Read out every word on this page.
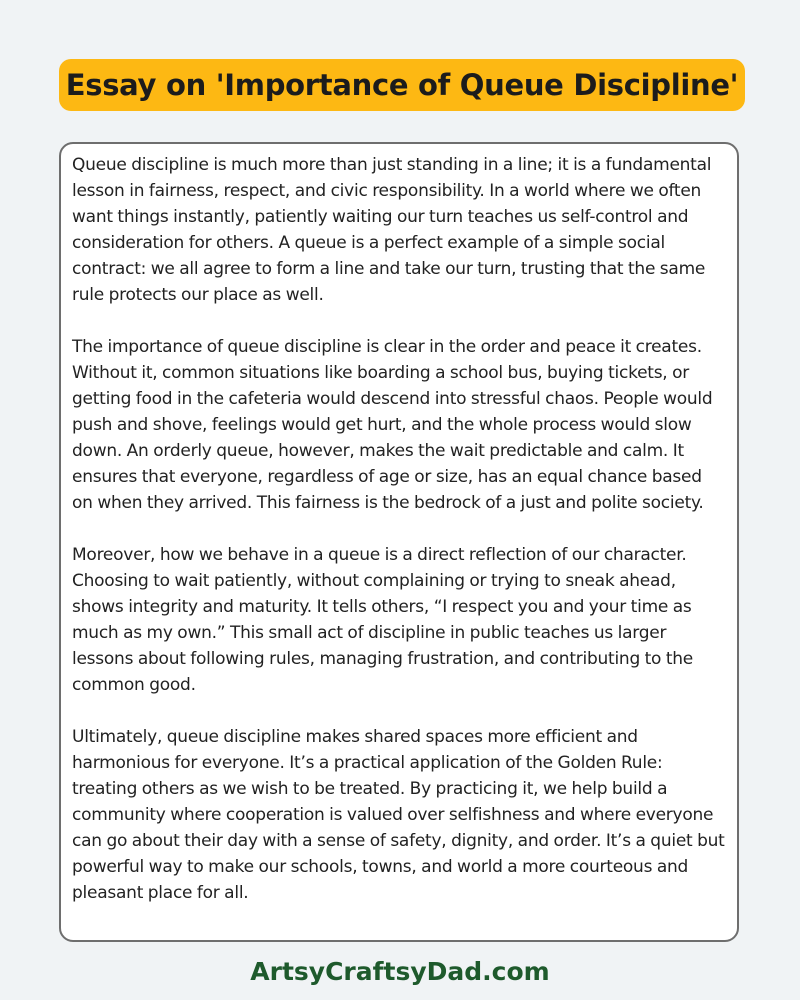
Essay on 'Importance of Queue Discipline'

Queue discipline is much more than just standing in a line; it is a fundamental lesson in fairness, respect, and civic responsibility. In a world where we often want things instantly, patiently waiting our turn teaches us self-control and consideration for others. A queue is a perfect example of a simple social contract: we all agree to form a line and take our turn, trusting that the same rule protects our place as well.

The importance of queue discipline is clear in the order and peace it creates. Without it, common situations like boarding a school bus, buying tickets, or getting food in the cafeteria would descend into stressful chaos. People would push and shove, feelings would get hurt, and the whole process would slow down. An orderly queue, however, makes the wait predictable and calm. It ensures that everyone, regardless of age or size, has an equal chance based on when they arrived. This fairness is the bedrock of a just and polite society.

Moreover, how we behave in a queue is a direct reflection of our character. Choosing to wait patiently, without complaining or trying to sneak ahead, shows integrity and maturity. It tells others, “I respect you and your time as much as my own.” This small act of discipline in public teaches us larger lessons about following rules, managing frustration, and contributing to the common good.

Ultimately, queue discipline makes shared spaces more efficient and harmonious for everyone. It’s a practical application of the Golden Rule: treating others as we wish to be treated. By practicing it, we help build a community where cooperation is valued over selfishness and where everyone can go about their day with a sense of safety, dignity, and order. It’s a quiet but powerful way to make our schools, towns, and world a more courteous and pleasant place for all.

ArtsyCraftsyDad.com
